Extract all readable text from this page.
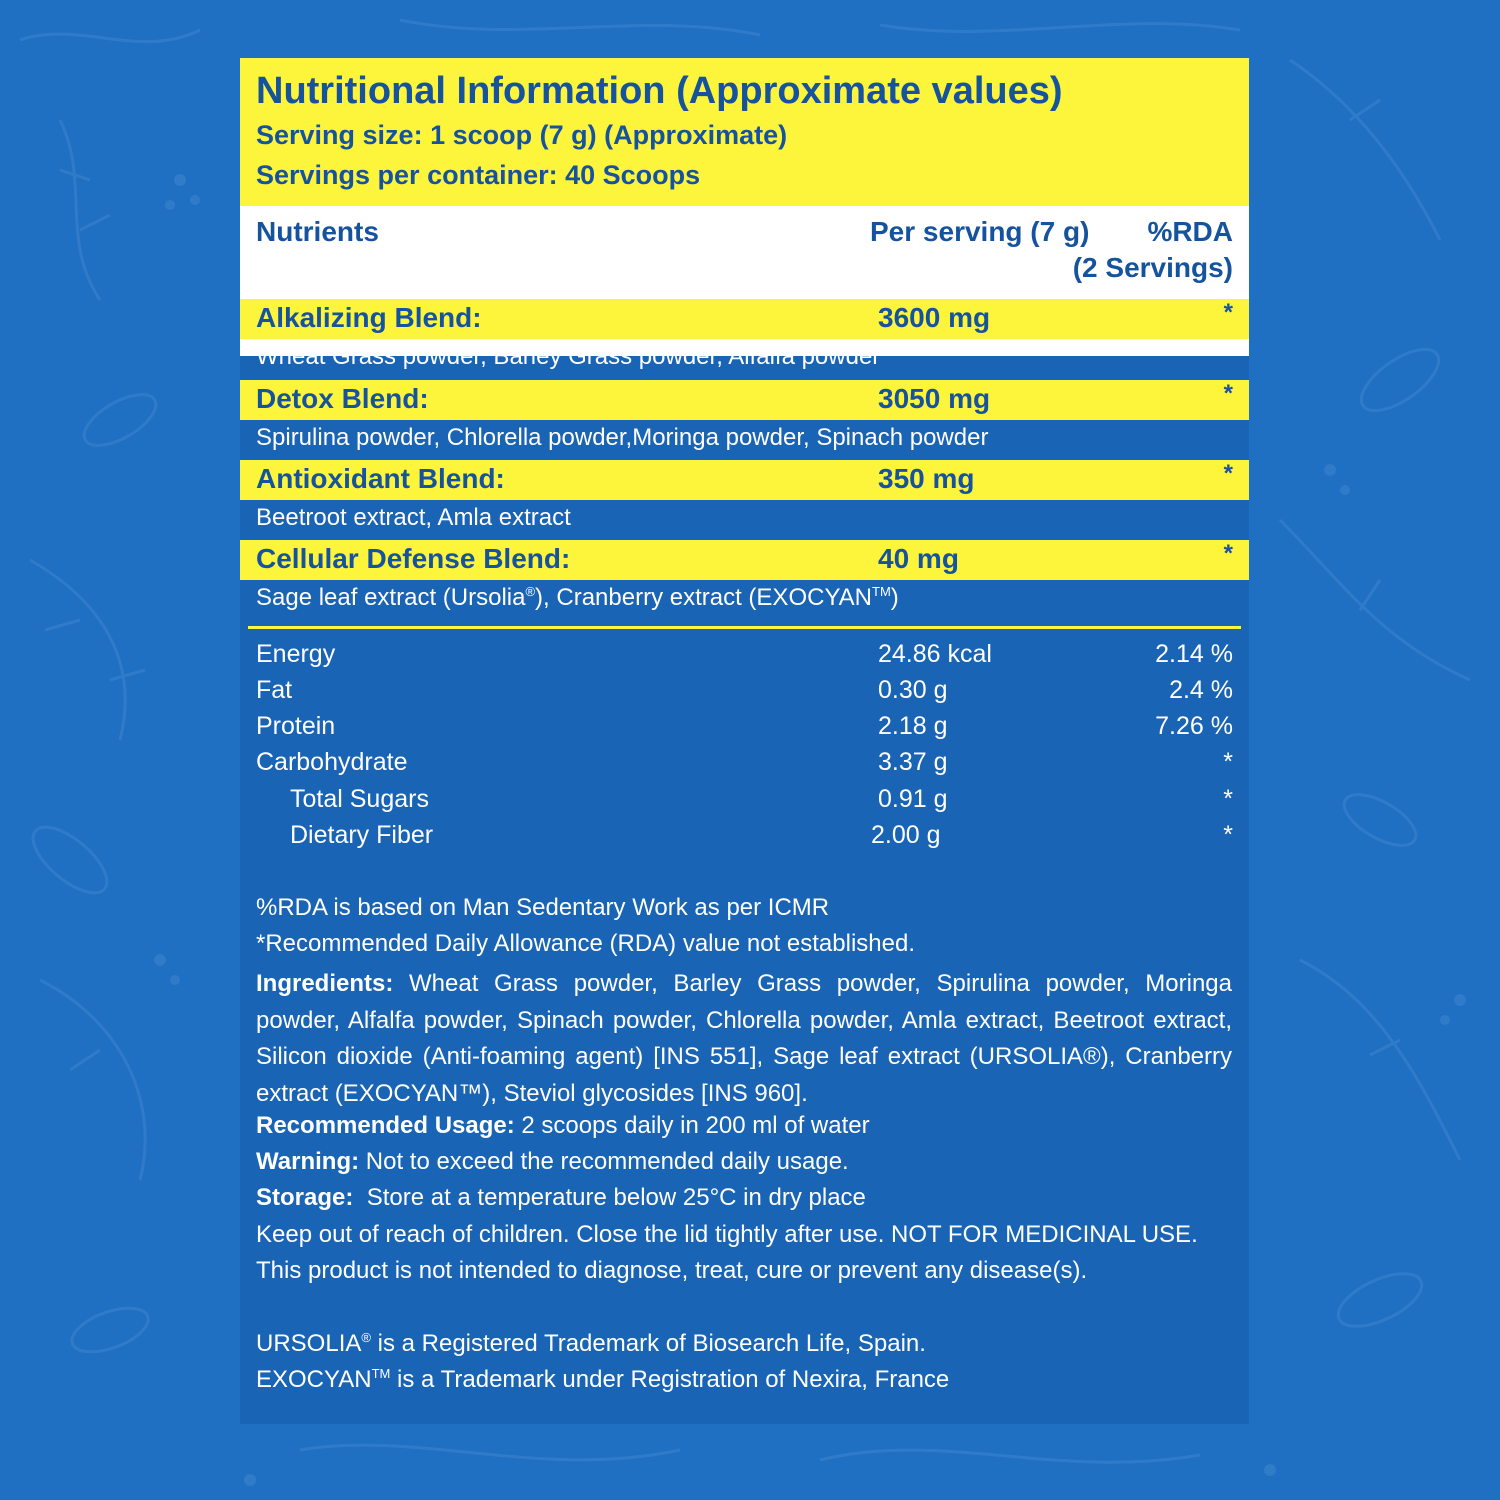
Nutritional Information (Approximate values)
Serving size: 1 scoop (7 g) (Approximate)
Servings per container: 40 Scoops
Nutrients	Per serving (7 g) %RDA
(2 Servings)
Alkalizing Blend:	3600 mg	*
Wheat Grass powder, Barley Grass powder, Alfalfa powder
Detox Blend:	3050 mg	*
Spirulina powder, Chlorella powder,Moringa powder, Spinach powder
Antioxidant Blend:	350 mg	*
Beetroot extract, Amla extract
Cellular Defense Blend:	40 mg	*
Sage leaf extract (Ursolia®), Cranberry extract (EXOCYAN™)
Energy	24.86 kcal	2.14 %
Fat	0.30 g	2.4 %
Protein	2.18 g	7.26 %
Carbohydrate	3.37 g	*
Total Sugars	0.91 g	*
Dietary Fiber	2.00 g	*
%RDA is based on Man Sedentary Work as per ICMR
*Recommended Daily Allowance (RDA) value not established.
Ingredients: Wheat Grass powder, Barley Grass powder, Spirulina powder, Moringa powder, Alfalfa powder, Spinach powder, Chlorella powder, Amla extract, Beetroot extract, Silicon dioxide (Anti-foaming agent) [INS 551], Sage leaf extract (URSOLIA®), Cranberry extract (EXOCYAN™), Steviol glycosides [INS 960].
Recommended Usage: 2 scoops daily in 200 ml of water
Warning: Not to exceed the recommended daily usage.
Storage:  Store at a temperature below 25°C in dry place
Keep out of reach of children. Close the lid tightly after use. NOT FOR MEDICINAL USE.
This product is not intended to diagnose, treat, cure or prevent any disease(s).
URSOLIA® is a Registered Trademark of Biosearch Life, Spain.
EXOCYAN™ is a Trademark under Registration of Nexira, France
